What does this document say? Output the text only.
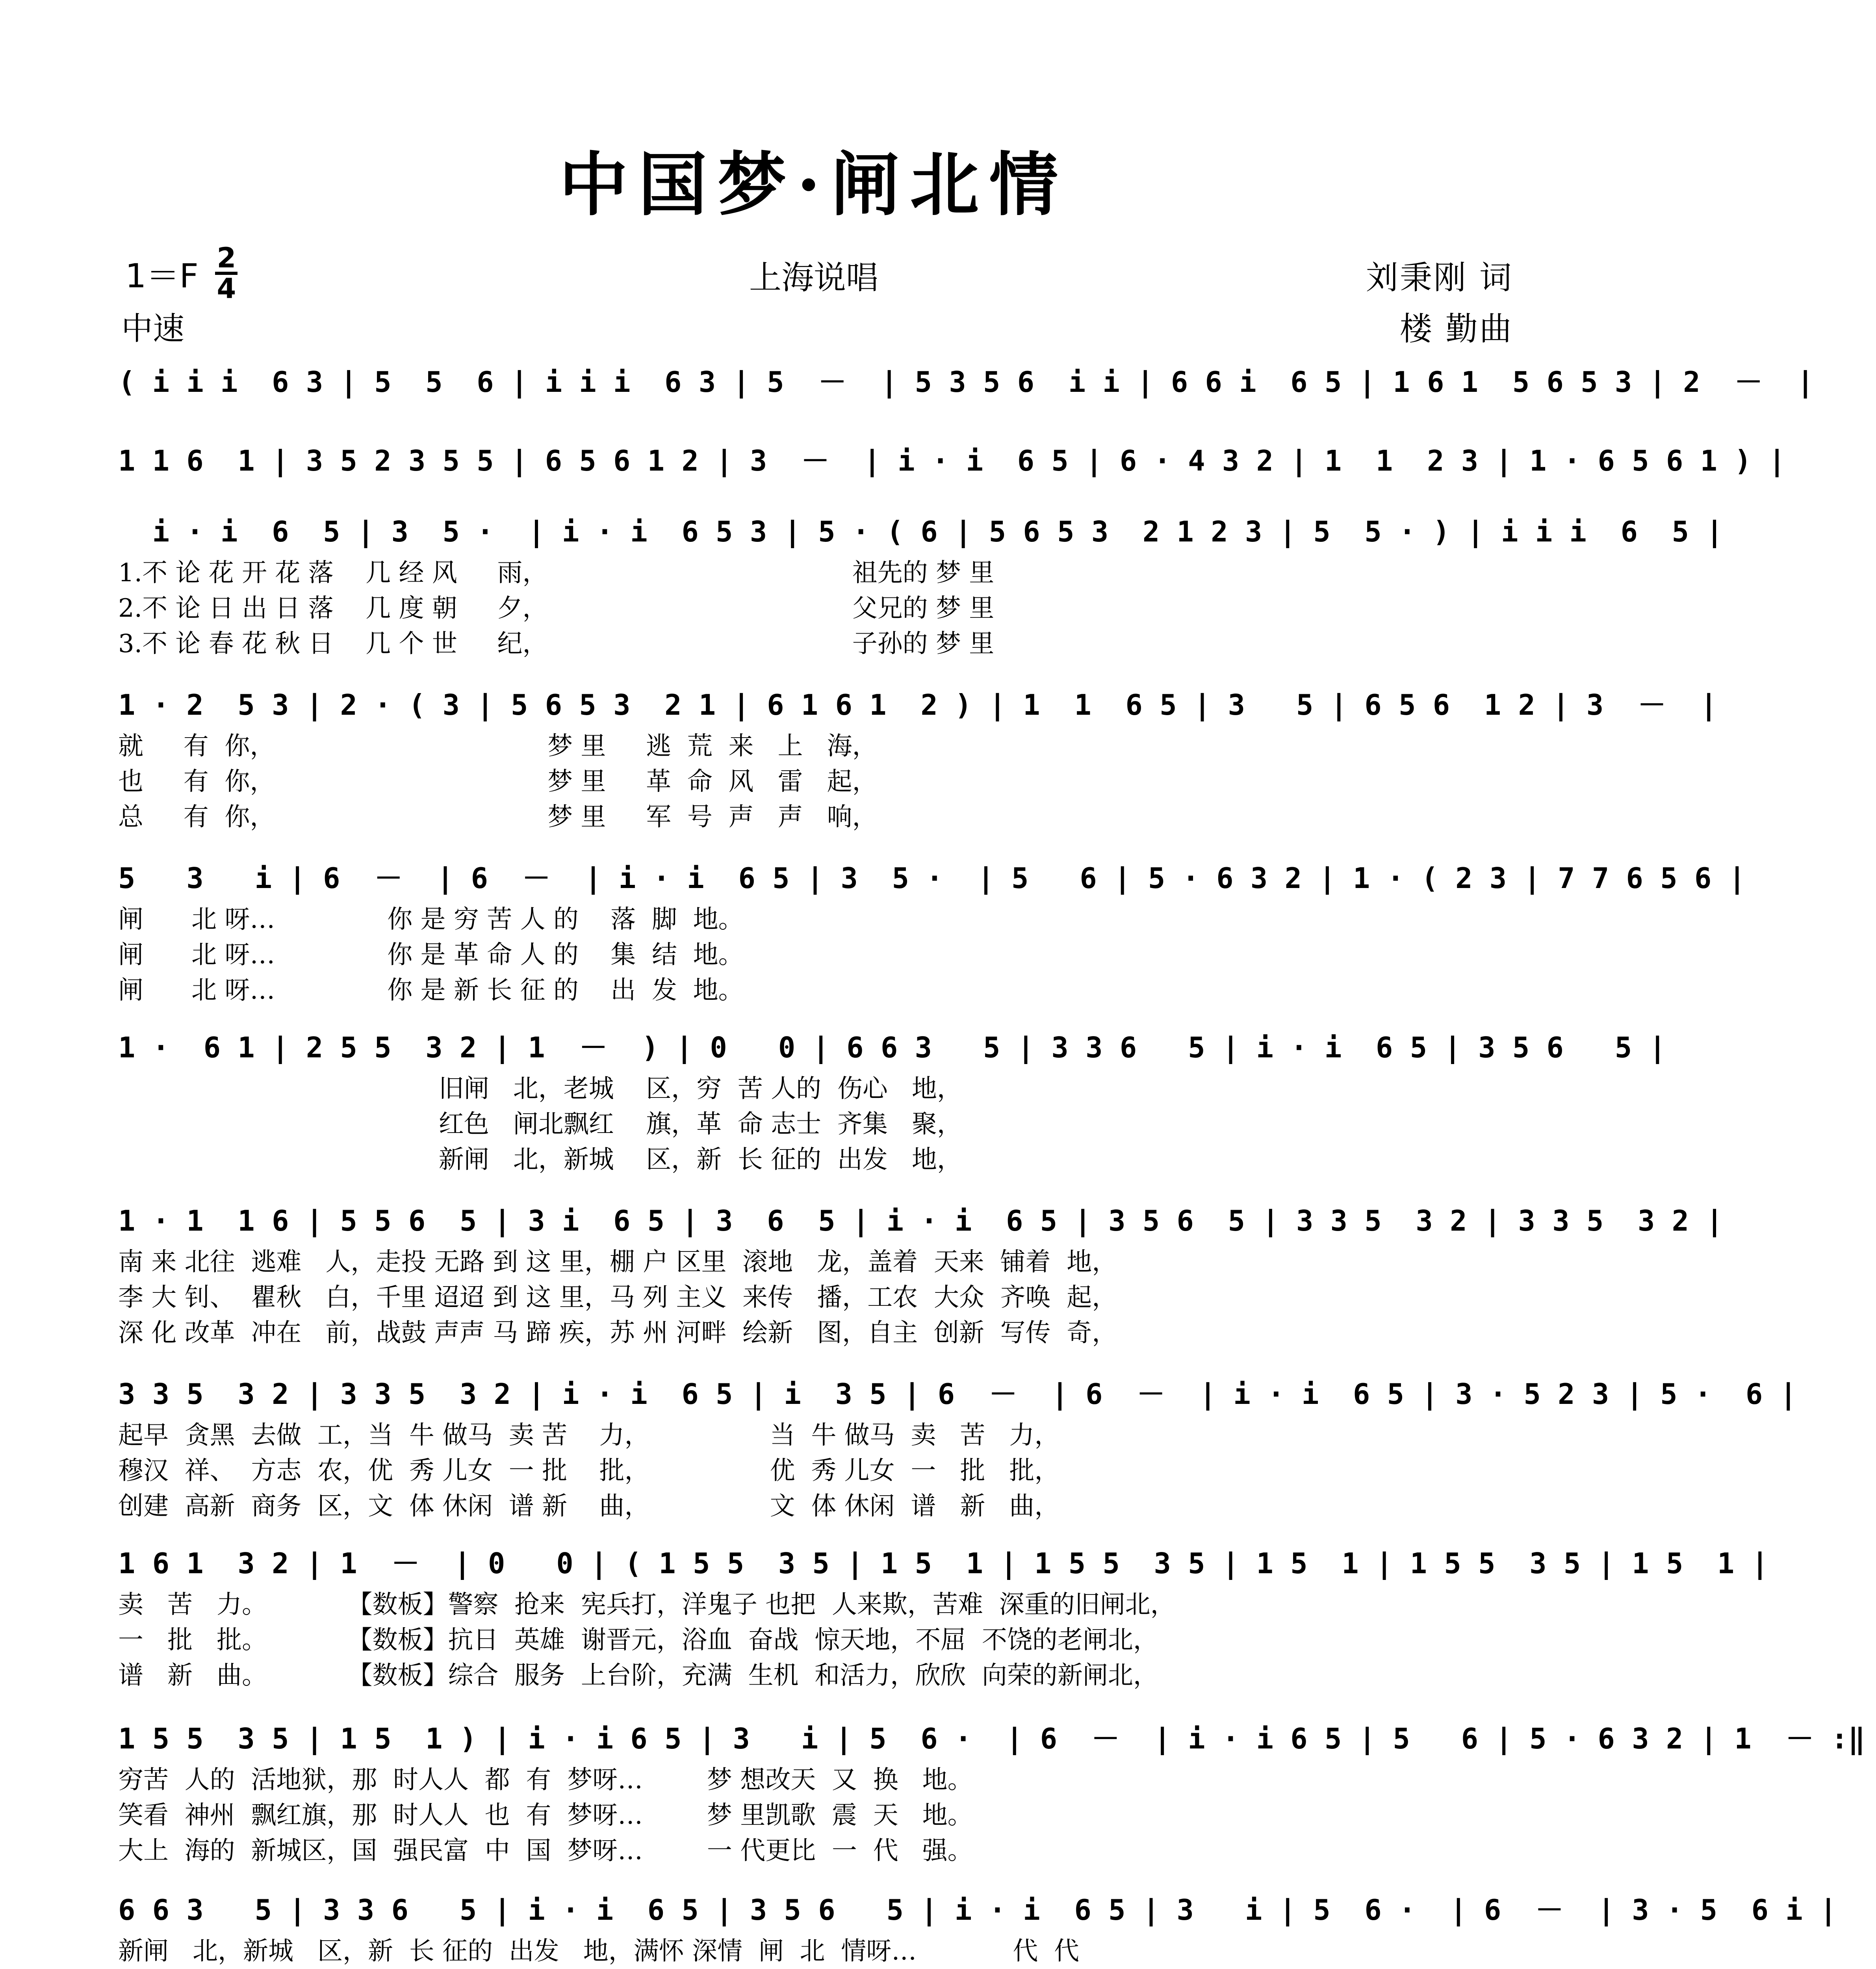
中国梦·闸北情
$1=F \frac{2}{4}$	上海说唱
中速
刘秉刚 词
楼 勤曲
( i i i  6 3 | 5  5  6 | i i i  6 3 | 5  －  | 5 3 5 6  i i | 6 6 i  6 5 | 1 6 1  5 6 5 3 | 2  －  |
1 1 6  1 | 3 5 2 3 5 5 | 6 5 6 1 2 | 3  －  | i · i  6 5 | 6 · 4 3 2 | 1  1  2 3 | 1 · 6 5 6 1 ) |
i · i  6  5 | 3  5 ·  | i · i  6 5 3 | 5 · ( 6 | 5 6 5 3  2 1 2 3 | 5  5 · ) | i i i  6  5 |
1.不 论 花 开 花 落    几 经 风     雨，                                      祖先的 梦 里
2.不 论 日 出 日 落    几 度 朝     夕，                                      父兄的 梦 里
3.不 论 春 花 秋 日    几 个 世     纪，                                      子孙的 梦 里
1 · 2  5 3 | 2 · ( 3 | 5 6 5 3  2 1 | 6 1 6 1  2 ) | 1  1  6 5 | 3   5 | 6 5 6  1 2 | 3  －  |
就     有  你，                                  梦 里     逃  荒  来   上   海，
也     有  你，                                  梦 里     革  命  风   雷   起，
总     有  你，                                  梦 里     军  号  声   声   响，
5   3   i | 6  －  | 6  －  | i · i  6 5 | 3  5 ·  | 5   6 | 5 · 6 3 2 | 1 · ( 2 3 | 7 7 6 5 6 |
闸      北 呀…              你 是 穷 苦 人 的    落  脚  地。
闸      北 呀…              你 是 革 命 人 的    集  结  地。
闸      北 呀…              你 是 新 长 征 的    出  发  地。
1 ·  6 1 | 2 5 5  3 2 | 1  －  ) | 0   0 | 6 6 3   5 | 3 3 6   5 | i · i  6 5 | 3 5 6   5 |
旧闸   北，老城    区，穷  苦 人的  伤心   地，
红色   闸北飘红    旗，革  命 志士  齐集   聚，
新闸   北，新城    区，新  长 征的  出发   地，
1 · 1  1 6 | 5 5 6  5 | 3 i  6 5 | 3  6  5 | i · i  6 5 | 3 5 6  5 | 3 3 5  3 2 | 3 3 5  3 2 |
南 来 北往  逃难   人，走投 无路 到 这 里，棚 户 区里  滚地   龙，盖着  天来  铺着  地，
李 大 钊、  瞿秋   白，千里 迢迢 到 这 里，马 列 主义  来传   播，工农  大众  齐唤  起，
深 化 改革  冲在   前，战鼓 声声 马 蹄 疾，苏 州 河畔  绘新   图，自主  创新  写传  奇，
3 3 5  3 2 | 3 3 5  3 2 | i · i  6 5 | i  3 5 | 6  －  | 6  －  | i · i  6 5 | 3 · 5 2 3 | 5 ·  6 |
起早  贪黑  去做  工，当  牛 做马  卖 苦    力，               当  牛 做马  卖   苦   力，
穆汉  祥、  方志  农，优  秀 儿女  一 批    批，               优  秀 儿女  一   批   批，
创建  高新  商务  区，文  体 休闲  谱 新    曲，               文  体 休闲  谱   新   曲，
1 6 1  3 2 | 1  －  | 0   0 | ( 1 5 5  3 5 | 1 5  1 | 1 5 5  3 5 | 1 5  1 | 1 5 5  3 5 | 1 5  1 |
卖   苦   力。          【数板】警察  抢来  宪兵打，洋鬼子 也把  人来欺，苦难  深重的旧闸北，
一   批   批。          【数板】抗日  英雄  谢晋元，浴血  奋战  惊天地，不屈  不饶的老闸北，
谱   新   曲。          【数板】综合  服务  上台阶，充满  生机  和活力，欣欣  向荣的新闸北，
1 5 5  3 5 | 1 5  1 ) | i · i 6 5 | 3   i | 5  6 ·  | 6  －  | i · i 6 5 | 5   6 | 5 · 6 3 2 | 1  － :‖
穷苦  人的  活地狱，那  时人人  都  有  梦呀…        梦 想改天  又  换   地。
笑看  神州  飘红旗，那  时人人  也  有  梦呀…        梦 里凯歌  震  天   地。
大上  海的  新城区，国  强民富  中  国  梦呀…        一 代更比  一  代   强。
6 6 3   5 | 3 3 6   5 | i · i  6 5 | 3 5 6   5 | i · i  6 5 | 3   i | 5  6 ·  | 6  －  | 3 · 5  6 i |
新闸   北，新城   区，新  长 征的  出发   地，满怀 深情  闸  北  情呀…            代  代
